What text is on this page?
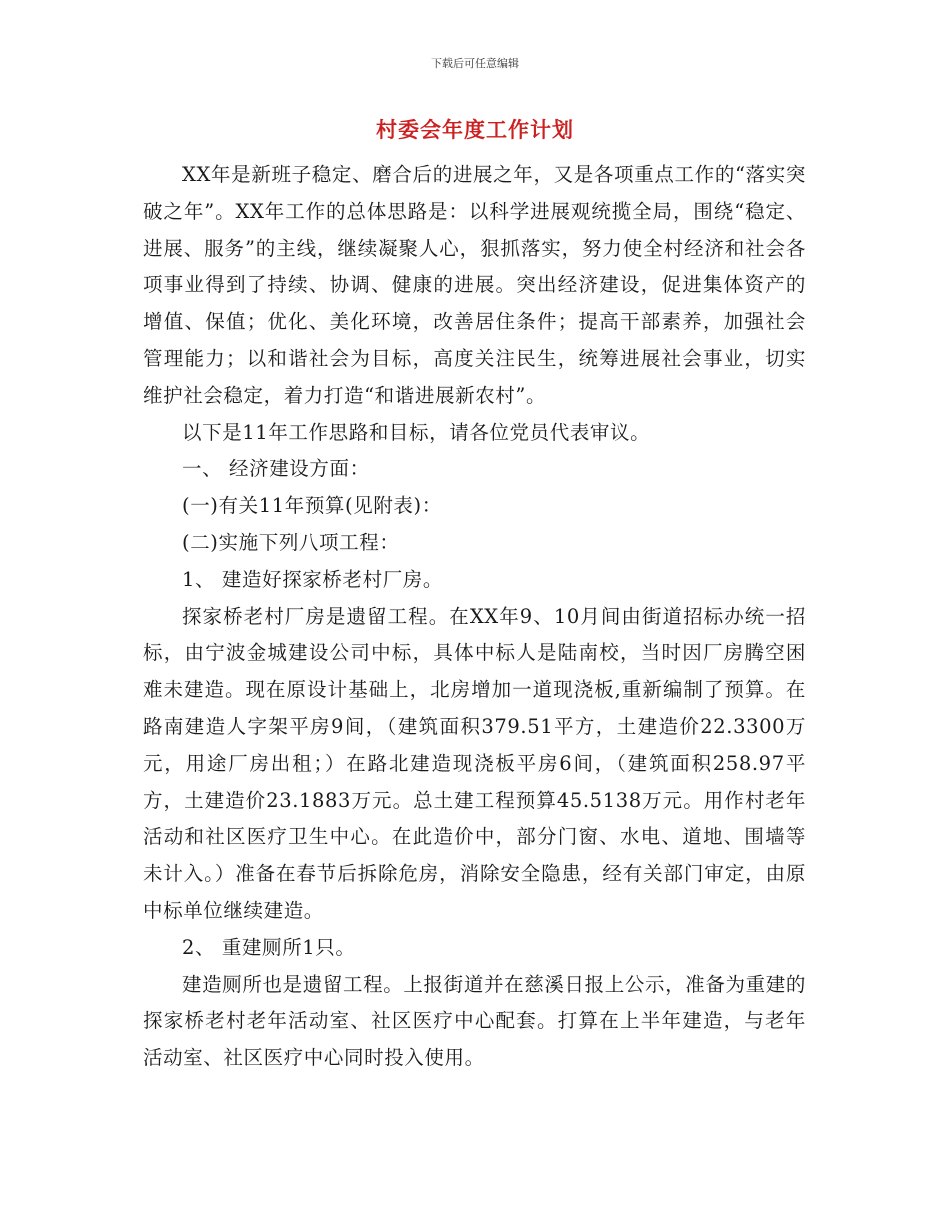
下载后可任意编辑
村委会年度工作计划

XX年是新班子稳定、磨合后的进展之年，又是各项重点工作的“落实突破之年”。XX年工作的总体思路是：以科学进展观统揽全局，围绕“稳定、进展、服务”的主线，继续凝聚人心，狠抓落实，努力使全村经济和社会各项事业得到了持续、协调、健康的进展。突出经济建设，促进集体资产的增值、保值；优化、美化环境，改善居住条件；提高干部素养，加强社会管理能力；以和谐社会为目标，高度关注民生，统筹进展社会事业，切实维护社会稳定，着力打造“和谐进展新农村”。

以下是11年工作思路和目标，请各位党员代表审议。

一、 经济建设方面：

(一)有关11年预算(见附表)：

(二)实施下列八项工程：

1、 建造好探家桥老村厂房。

探家桥老村厂房是遗留工程。在XX年9、10月间由街道招标办统一招标，由宁波金城建设公司中标，具体中标人是陆南校，当时因厂房腾空困难未建造。现在原设计基础上，北房增加一道现浇板,重新编制了预算。在路南建造人字架平房9间，（建筑面积379.51平方，土建造价22.3300万元，用途厂房出租；）在路北建造现浇板平房6间，（建筑面积258.97平方，土建造价23.1883万元。总土建工程预算45.5138万元。用作村老年活动和社区医疗卫生中心。在此造价中，部分门窗、水电、道地、围墙等未计入。）准备在春节后拆除危房，消除安全隐患，经有关部门审定，由原中标单位继续建造。

2、 重建厕所1只。

建造厕所也是遗留工程。上报街道并在慈溪日报上公示，准备为重建的探家桥老村老年活动室、社区医疗中心配套。打算在上半年建造，与老年活动室、社区医疗中心同时投入使用。
